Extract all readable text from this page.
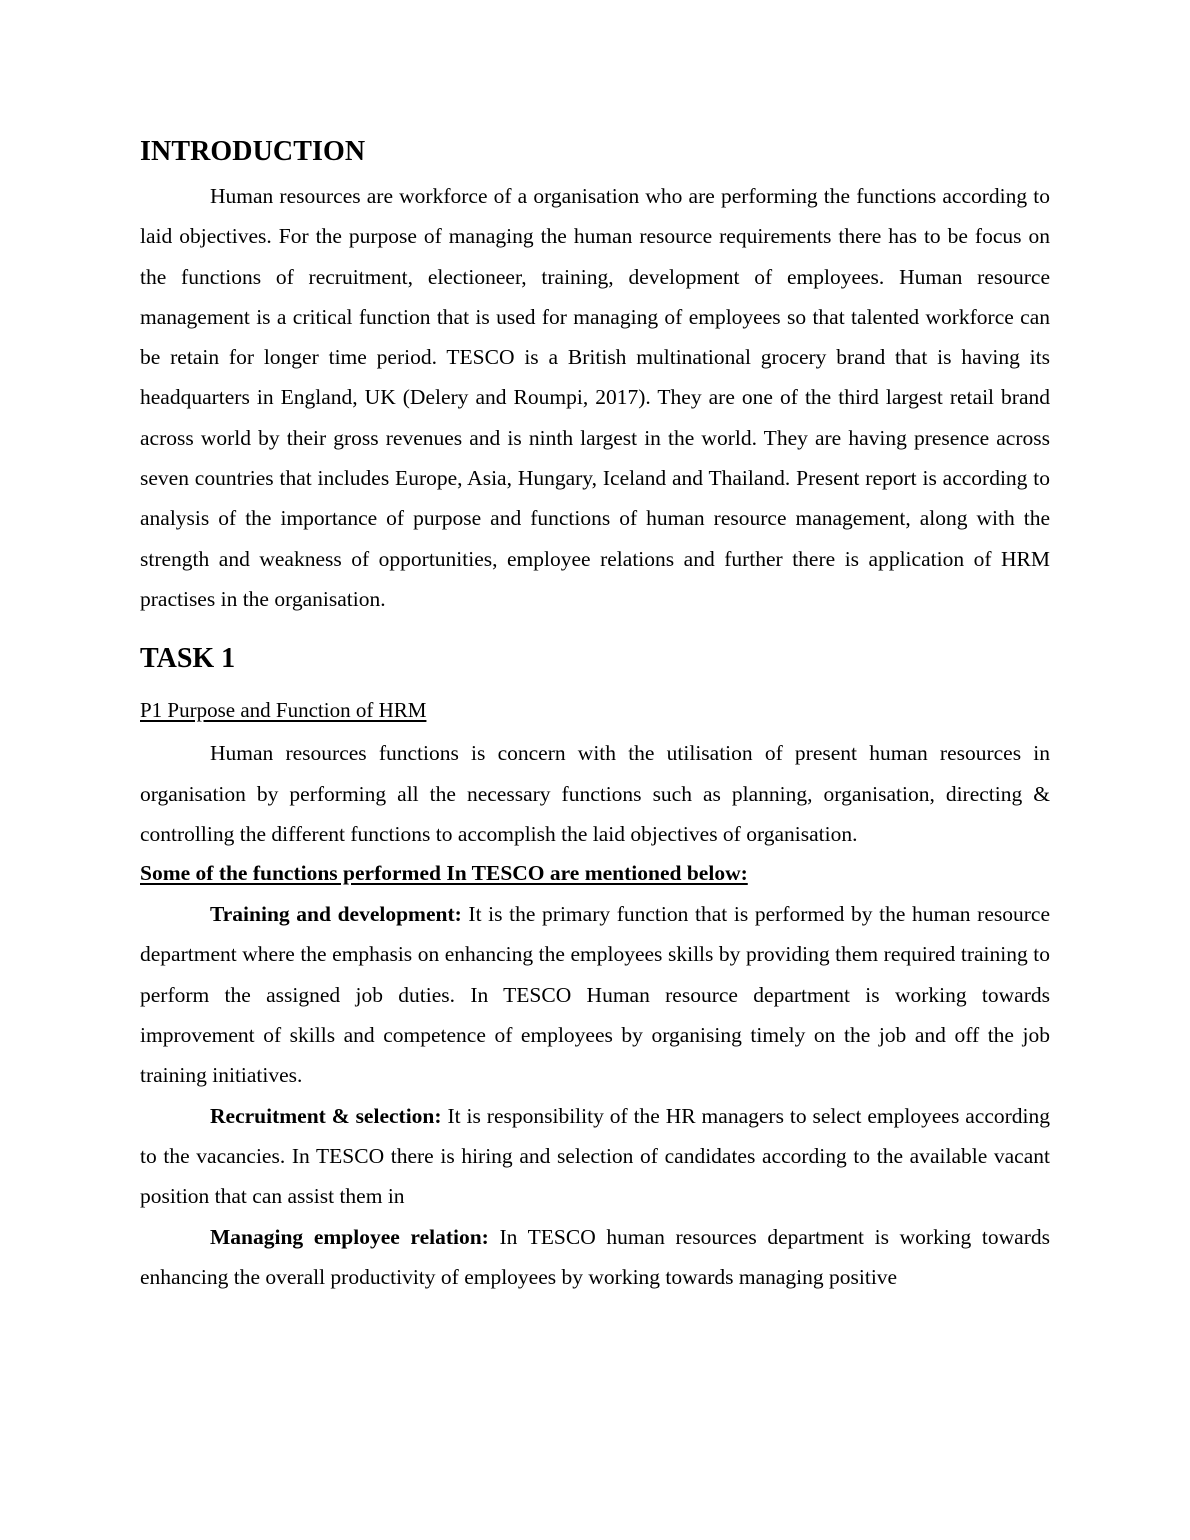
INTRODUCTION

Human resources are workforce of a organisation who are performing the functions according to laid objectives. For the purpose of managing the human resource requirements there has to be focus on the functions of recruitment, electioneer, training, development of employees. Human resource management is a critical function that is used for managing of employees so that talented workforce can be retain for longer time period. TESCO is a British multinational grocery brand that is having its headquarters in England, UK (Delery and Roumpi, 2017). They are one of the third largest retail brand across world by their gross revenues and is ninth largest in the world. They are having presence across seven countries that includes Europe, Asia, Hungary, Iceland and Thailand. Present report is according to analysis of the importance of purpose and functions of human resource management, along with the strength and weakness of opportunities, employee relations and further there is application of HRM practises in the organisation.

TASK 1
P1 Purpose and Function of HRM

Human resources functions is concern with the utilisation of present human resources in organisation by performing all the necessary functions such as planning, organisation, directing & controlling the different functions to accomplish the laid objectives of organisation.

Some of the functions performed In TESCO are mentioned below:

Training and development: It is the primary function that is performed by the human resource department where the emphasis on enhancing the employees skills by providing them required training to perform the assigned job duties. In TESCO Human resource department is working towards improvement of skills and competence of employees by organising timely on the job and off the job training initiatives.

Recruitment & selection: It is responsibility of the HR managers to select employees according to the vacancies. In TESCO there is hiring and selection of candidates according to the available vacant position that can assist them in

Managing employee relation: In TESCO human resources department is working towards enhancing the overall productivity of employees by working towards managing positive
